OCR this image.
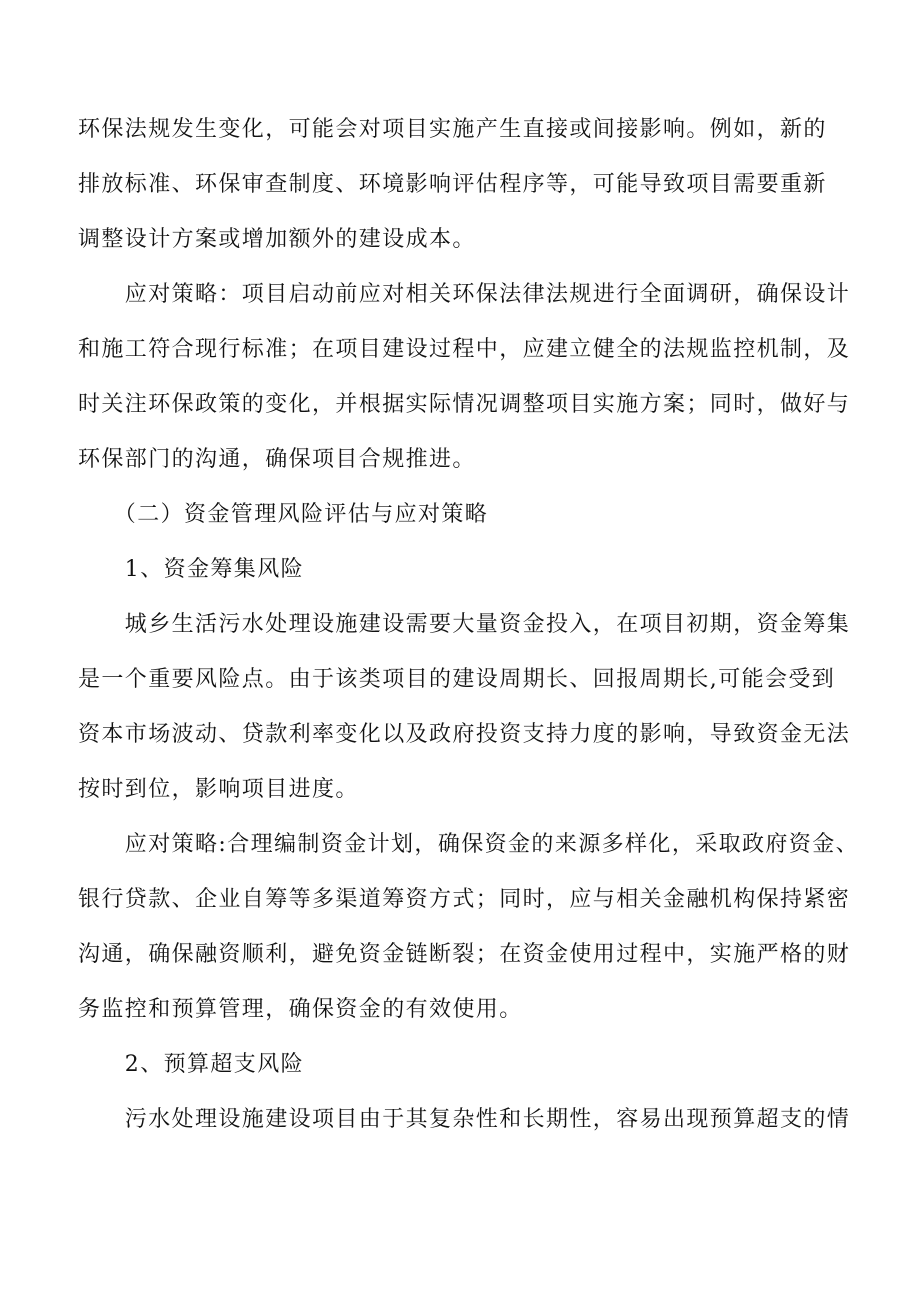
环保法规发生变化，可能会对项目实施产生直接或间接影响。例如，新的
排放标准、环保审查制度、环境影响评估程序等，可能导致项目需要重新
调整设计方案或增加额外的建设成本。
　　应对策略：项目启动前应对相关环保法律法规进行全面调研，确保设计
和施工符合现行标准；在项目建设过程中，应建立健全的法规监控机制，及
时关注环保政策的变化，并根据实际情况调整项目实施方案；同时，做好与
环保部门的沟通，确保项目合规推进。
　　（二）资金管理风险评估与应对策略
　　1、资金筹集风险
　　城乡生活污水处理设施建设需要大量资金投入，在项目初期，资金筹集
是一个重要风险点。由于该类项目的建设周期长、回报周期长,可能会受到
资本市场波动、贷款利率变化以及政府投资支持力度的影响，导致资金无法
按时到位，影响项目进度。
　　应对策略:合理编制资金计划，确保资金的来源多样化，采取政府资金、
银行贷款、企业自筹等多渠道筹资方式；同时，应与相关金融机构保持紧密
沟通，确保融资顺利，避免资金链断裂；在资金使用过程中，实施严格的财
务监控和预算管理，确保资金的有效使用。
　　2、预算超支风险
　　污水处理设施建设项目由于其复杂性和长期性，容易出现预算超支的情
